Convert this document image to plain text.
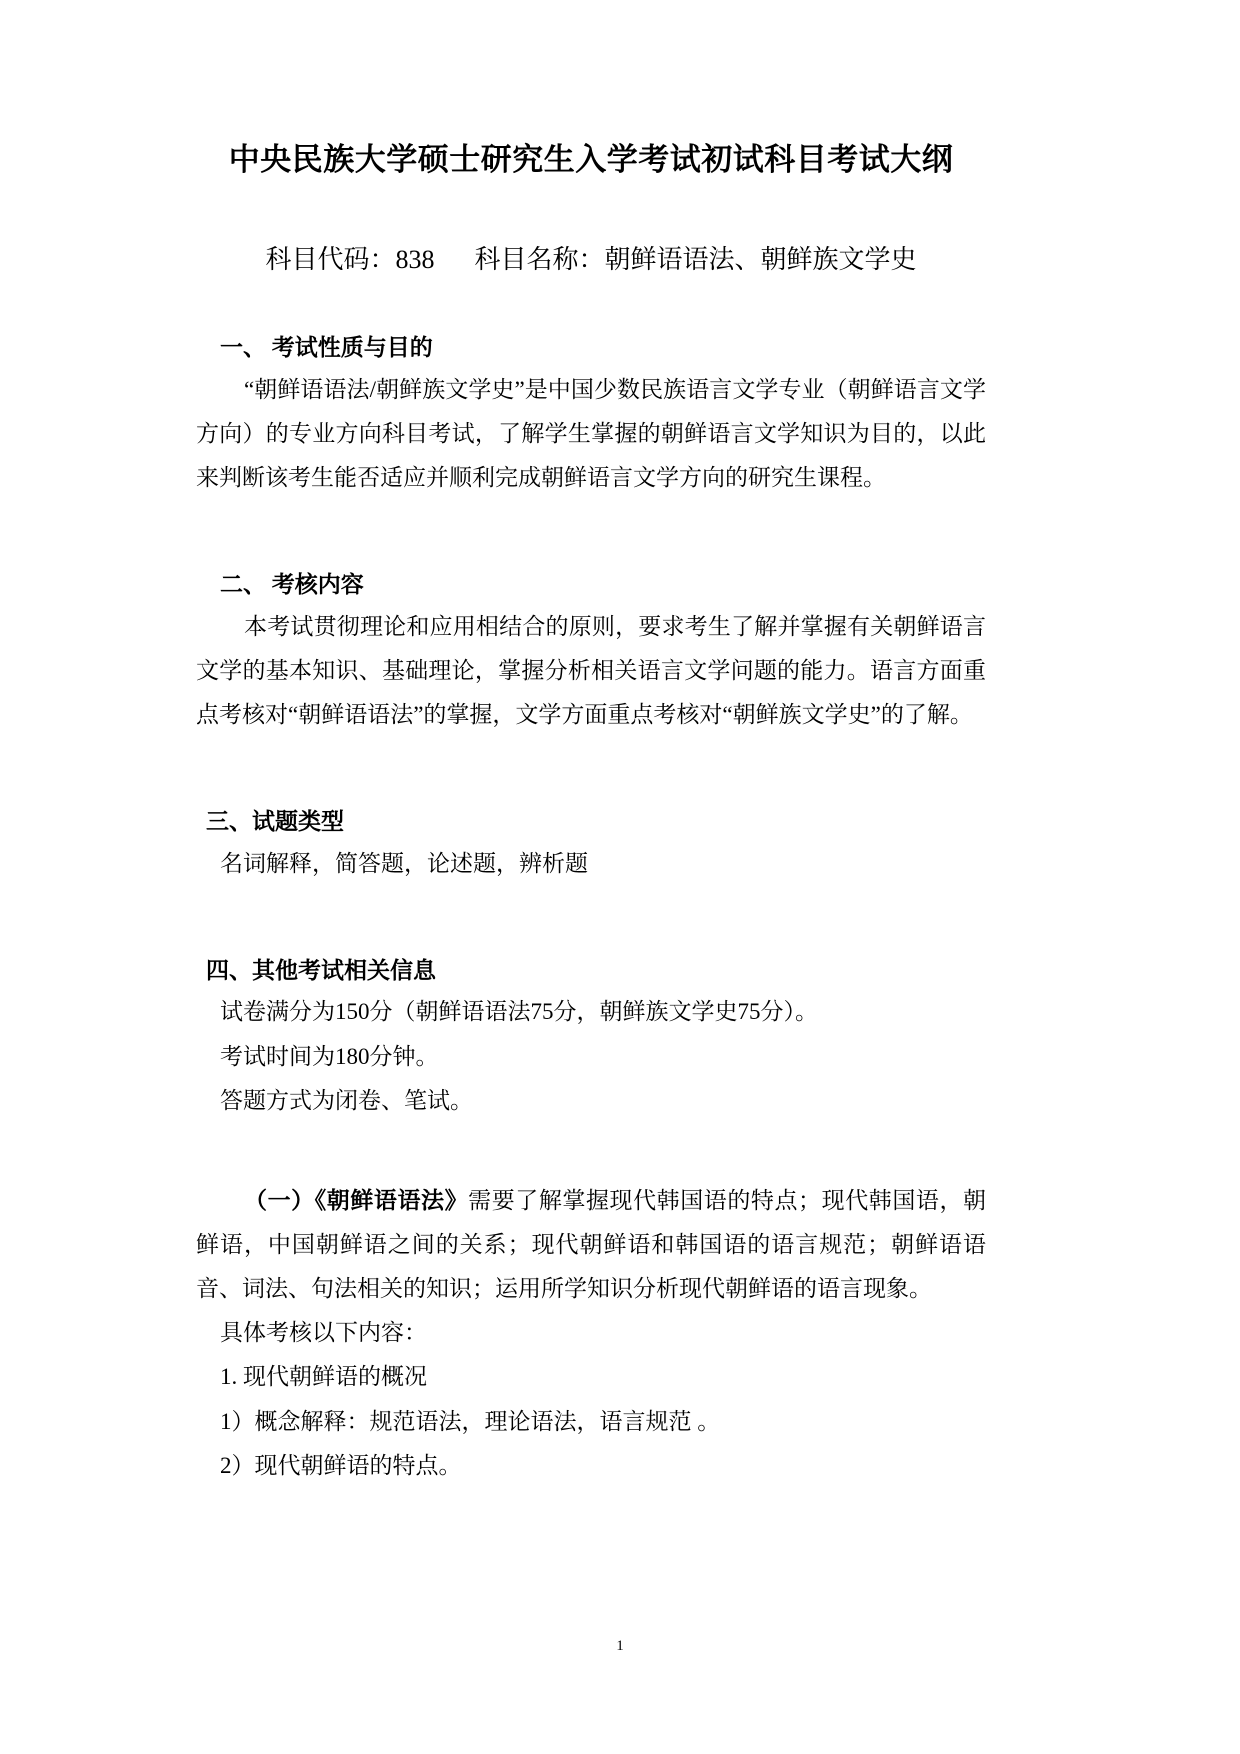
中央民族大学硕士研究生入学考试初试科目考试大纲
科目代码：838 科目名称：朝鲜语语法、朝鲜族文学史
一、 考试性质与目的

“朝鲜语语法/朝鲜族文学史”是中国少数民族语言文学专业（朝鲜语言文学方向）的专业方向科目考试，了解学生掌握的朝鲜语言文学知识为目的，以此来判断该考生能否适应并顺利完成朝鲜语言文学方向的研究生课程。

二、 考核内容

本考试贯彻理论和应用相结合的原则，要求考生了解并掌握有关朝鲜语言文学的基本知识、基础理论，掌握分析相关语言文学问题的能力。语言方面重点考核对“朝鲜语语法”的掌握，文学方面重点考核对“朝鲜族文学史”的了解。

三、试题类型

名词解释，简答题，论述题，辨析题

四、其他考试相关信息

试卷满分为150分（朝鲜语语法75分，朝鲜族文学史75分）。

考试时间为180分钟。

答题方式为闭卷、笔试。

（一）《朝鲜语语法》需要了解掌握现代韩国语的特点；现代韩国语，朝鲜语，中国朝鲜语之间的关系；现代朝鲜语和韩国语的语言规范；朝鲜语语音、词法、句法相关的知识；运用所学知识分析现代朝鲜语的语言现象。

具体考核以下内容：

1. 现代朝鲜语的概况

1）概念解释：规范语法，理论语法，语言规范 。

2）现代朝鲜语的特点。

1
